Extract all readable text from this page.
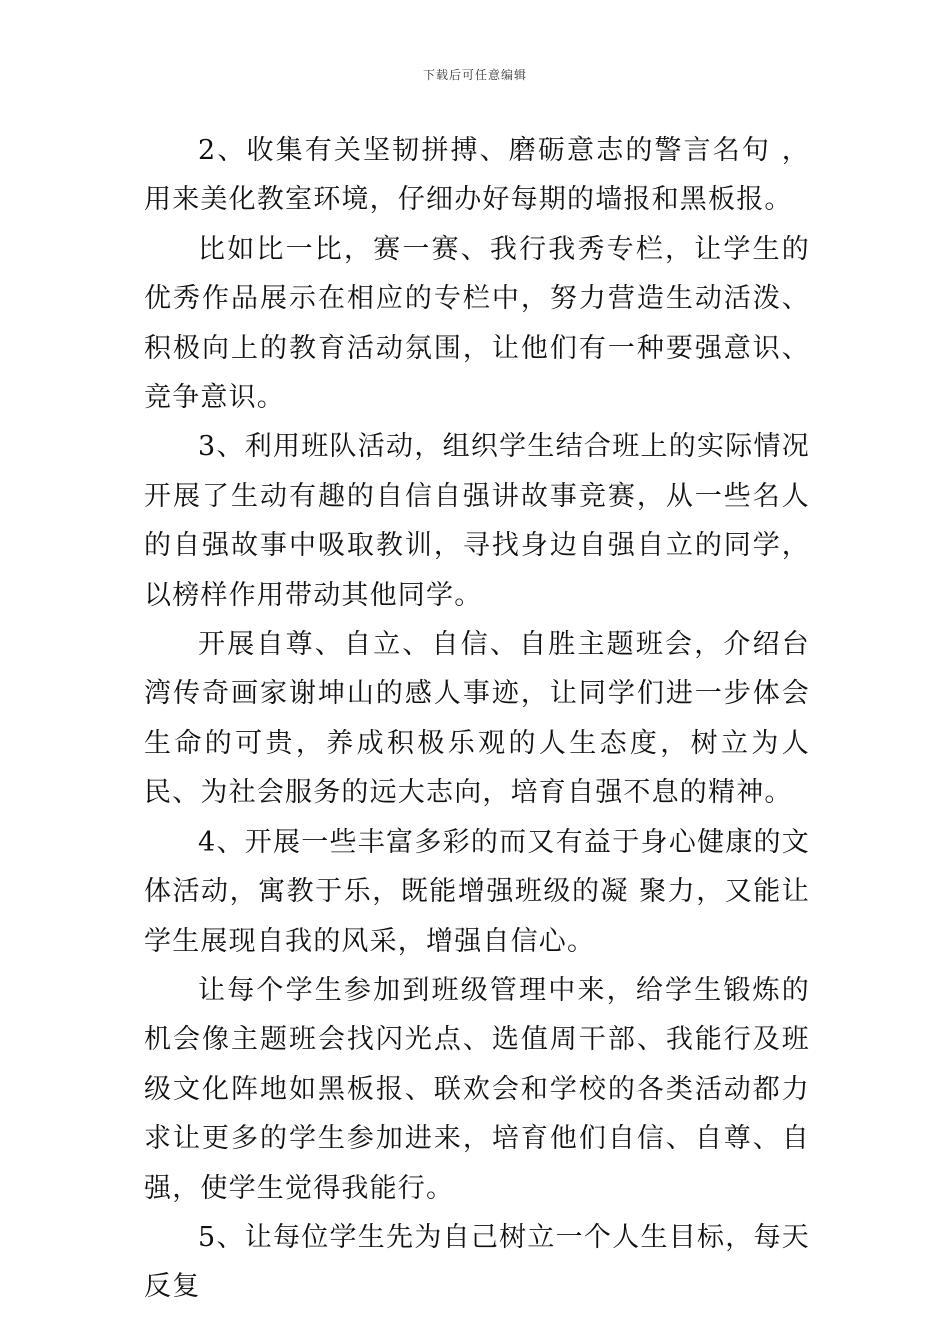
下载后可任意编辑

2、收集有关坚韧拼搏、磨砺意志的警言名句 ，用来美化教室环境，仔细办好每期的墙报和黑板报。

比如比一比，赛一赛、我行我秀专栏，让学生的优秀作品展示在相应的专栏中，努力营造生动活泼、积极向上的教育活动氛围，让他们有一种要强意识、竞争意识。

3、利用班队活动，组织学生结合班上的实际情况开展了生动有趣的自信自强讲故事竞赛，从一些名人的自强故事中吸取教训，寻找身边自强自立的同学，以榜样作用带动其他同学。

开展自尊、自立、自信、自胜主题班会，介绍台湾传奇画家谢坤山的感人事迹，让同学们进一步体会生命的可贵，养成积极乐观的人生态度，树立为人民、为社会服务的远大志向，培育自强不息的精神。

4、开展一些丰富多彩的而又有益于身心健康的文体活动，寓教于乐，既能增强班级的凝 聚力，又能让学生展现自我的风采，增强自信心。

让每个学生参加到班级管理中来，给学生锻炼的机会像主题班会找闪光点、选值周干部、我能行及班级文化阵地如黑板报、联欢会和学校的各类活动都力求让更多的学生参加进来，培育他们自信、自尊、自强，使学生觉得我能行。

5、让每位学生先为自己树立一个人生目标，每天反复
